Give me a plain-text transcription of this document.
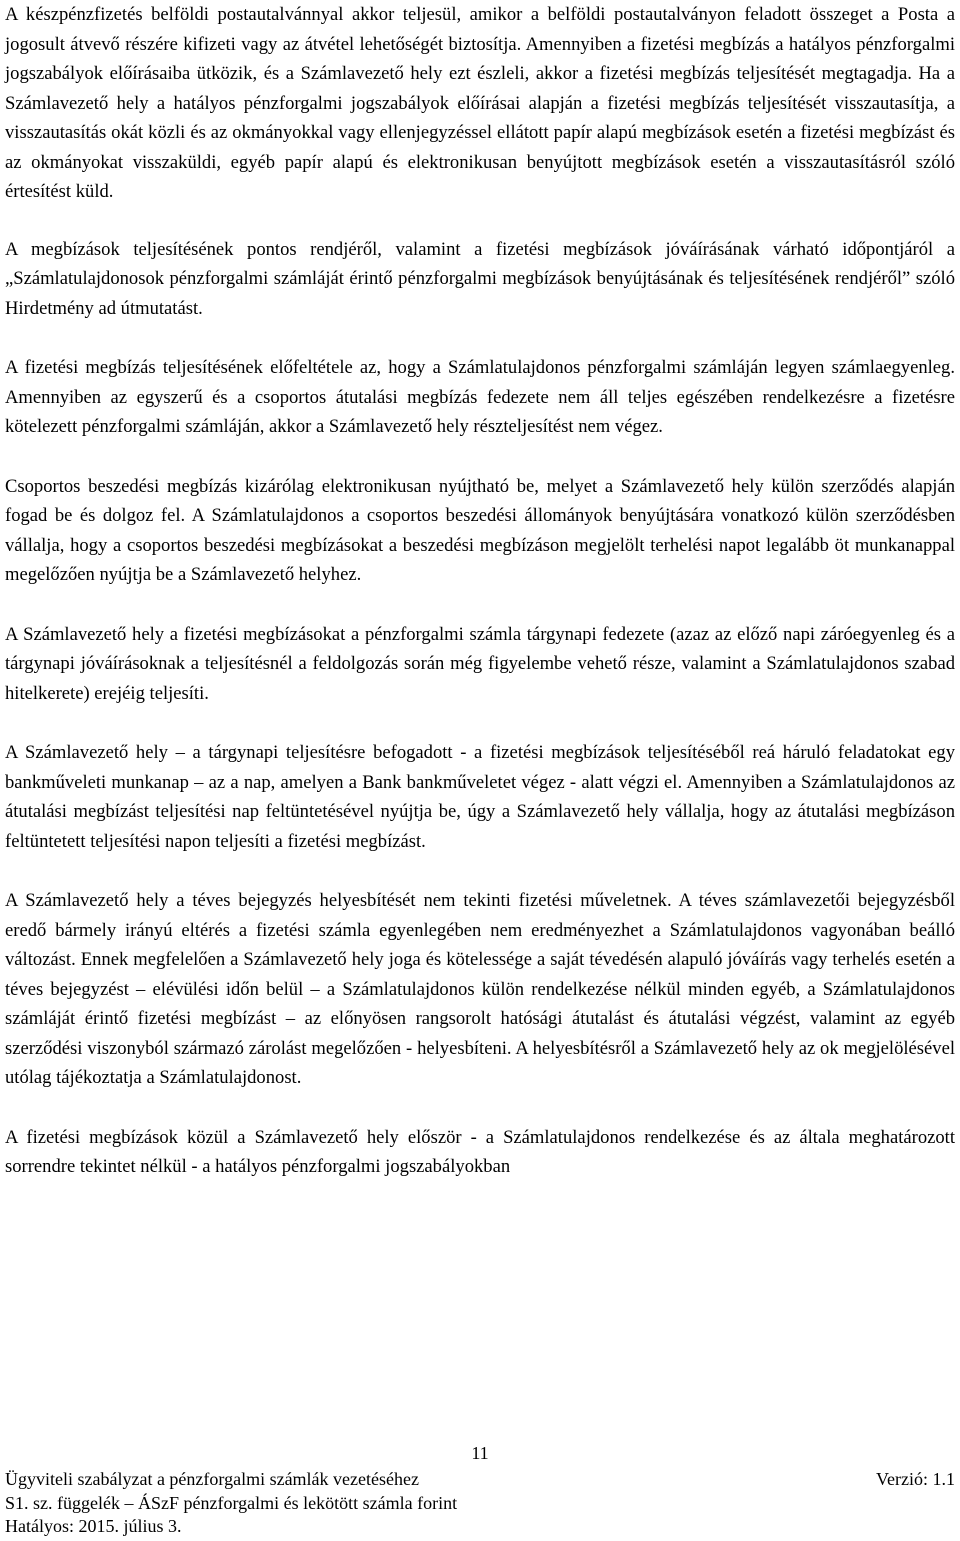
A készpénzfizetés belföldi postautalvánnyal akkor teljesül, amikor a belföldi postautalványon feladott összeget a Posta a jogosult átvevő részére kifizeti vagy az átvétel lehetőségét biztosítja. Amennyiben a fizetési megbízás a hatályos pénzforgalmi jogszabályok előírásaiba ütközik, és a Számlavezető hely ezt észleli, akkor a fizetési megbízás teljesítését megtagadja. Ha a Számlavezető hely a hatályos pénzforgalmi jogszabályok előírásai alapján a fizetési megbízás teljesítését visszautasítja, a visszautasítás okát közli és az okmányokkal vagy ellenjegyzéssel ellátott papír alapú megbízások esetén a fizetési megbízást és az okmányokat visszaküldi, egyéb papír alapú és elektronikusan benyújtott megbízások esetén a visszautasításról szóló értesítést küld.

A megbízások teljesítésének pontos rendjéről, valamint a fizetési megbízások jóváírásának várható időpontjáról a „Számlatulajdonosok pénzforgalmi számláját érintő pénzforgalmi megbízások benyújtásának és teljesítésének rendjéről” szóló Hirdetmény ad útmutatást.

A fizetési megbízás teljesítésének előfeltétele az, hogy a Számlatulajdonos pénzforgalmi számláján legyen számlaegyenleg. Amennyiben az egyszerű és a csoportos átutalási megbízás fedezete nem áll teljes egészében rendelkezésre a fizetésre kötelezett pénzforgalmi számláján, akkor a Számlavezető hely részteljesítést nem végez.

Csoportos beszedési megbízás kizárólag elektronikusan nyújtható be, melyet a Számlavezető hely külön szerződés alapján fogad be és dolgoz fel. A Számlatulajdonos a csoportos beszedési állományok benyújtására vonatkozó külön szerződésben vállalja, hogy a csoportos beszedési megbízásokat a beszedési megbízáson megjelölt terhelési napot legalább öt munkanappal megelőzően nyújtja be a Számlavezető helyhez.

A Számlavezető hely a fizetési megbízásokat a pénzforgalmi számla tárgynapi fedezete (azaz az előző napi záróegyenleg és a tárgynapi jóváírásoknak a teljesítésnél a feldolgozás során még figyelembe vehető része, valamint a Számlatulajdonos szabad hitelkerete) erejéig teljesíti.

A Számlavezető hely – a tárgynapi teljesítésre befogadott - a fizetési megbízások teljesítéséből reá háruló feladatokat egy bankműveleti munkanap – az a nap, amelyen a Bank bankműveletet végez - alatt végzi el. Amennyiben a Számlatulajdonos az átutalási megbízást teljesítési nap feltüntetésével nyújtja be, úgy a Számlavezető hely vállalja, hogy az átutalási megbízáson feltüntetett teljesítési napon teljesíti a fizetési megbízást.

A Számlavezető hely a téves bejegyzés helyesbítését nem tekinti fizetési műveletnek. A téves számlavezetői bejegyzésből eredő bármely irányú eltérés a fizetési számla egyenlegében nem eredményezhet a Számlatulajdonos vagyonában beálló változást. Ennek megfelelően a Számlavezető hely joga és kötelessége a saját tévedésén alapuló jóváírás vagy terhelés esetén a téves bejegyzést – elévülési időn belül – a Számlatulajdonos külön rendelkezése nélkül minden egyéb, a Számlatulajdonos számláját érintő fizetési megbízást – az előnyösen rangsorolt hatósági átutalást és átutalási végzést, valamint az egyéb szerződési viszonyból származó zárolást megelőzően - helyesbíteni. A helyesbítésről a Számlavezető hely az ok megjelölésével utólag tájékoztatja a Számlatulajdonost.

A fizetési megbízások közül a Számlavezető hely először - a Számlatulajdonos rendelkezése és az általa meghatározott sorrendre tekintet nélkül - a hatályos pénzforgalmi jogszabályokban

11
Ügyviteli szabályzat a pénzforgalmi számlák vezetéséhez	Verzió: 1.1
S1. sz. függelék – ÁSzF pénzforgalmi és lekötött számla forint
Hatályos: 2015. július 3.
